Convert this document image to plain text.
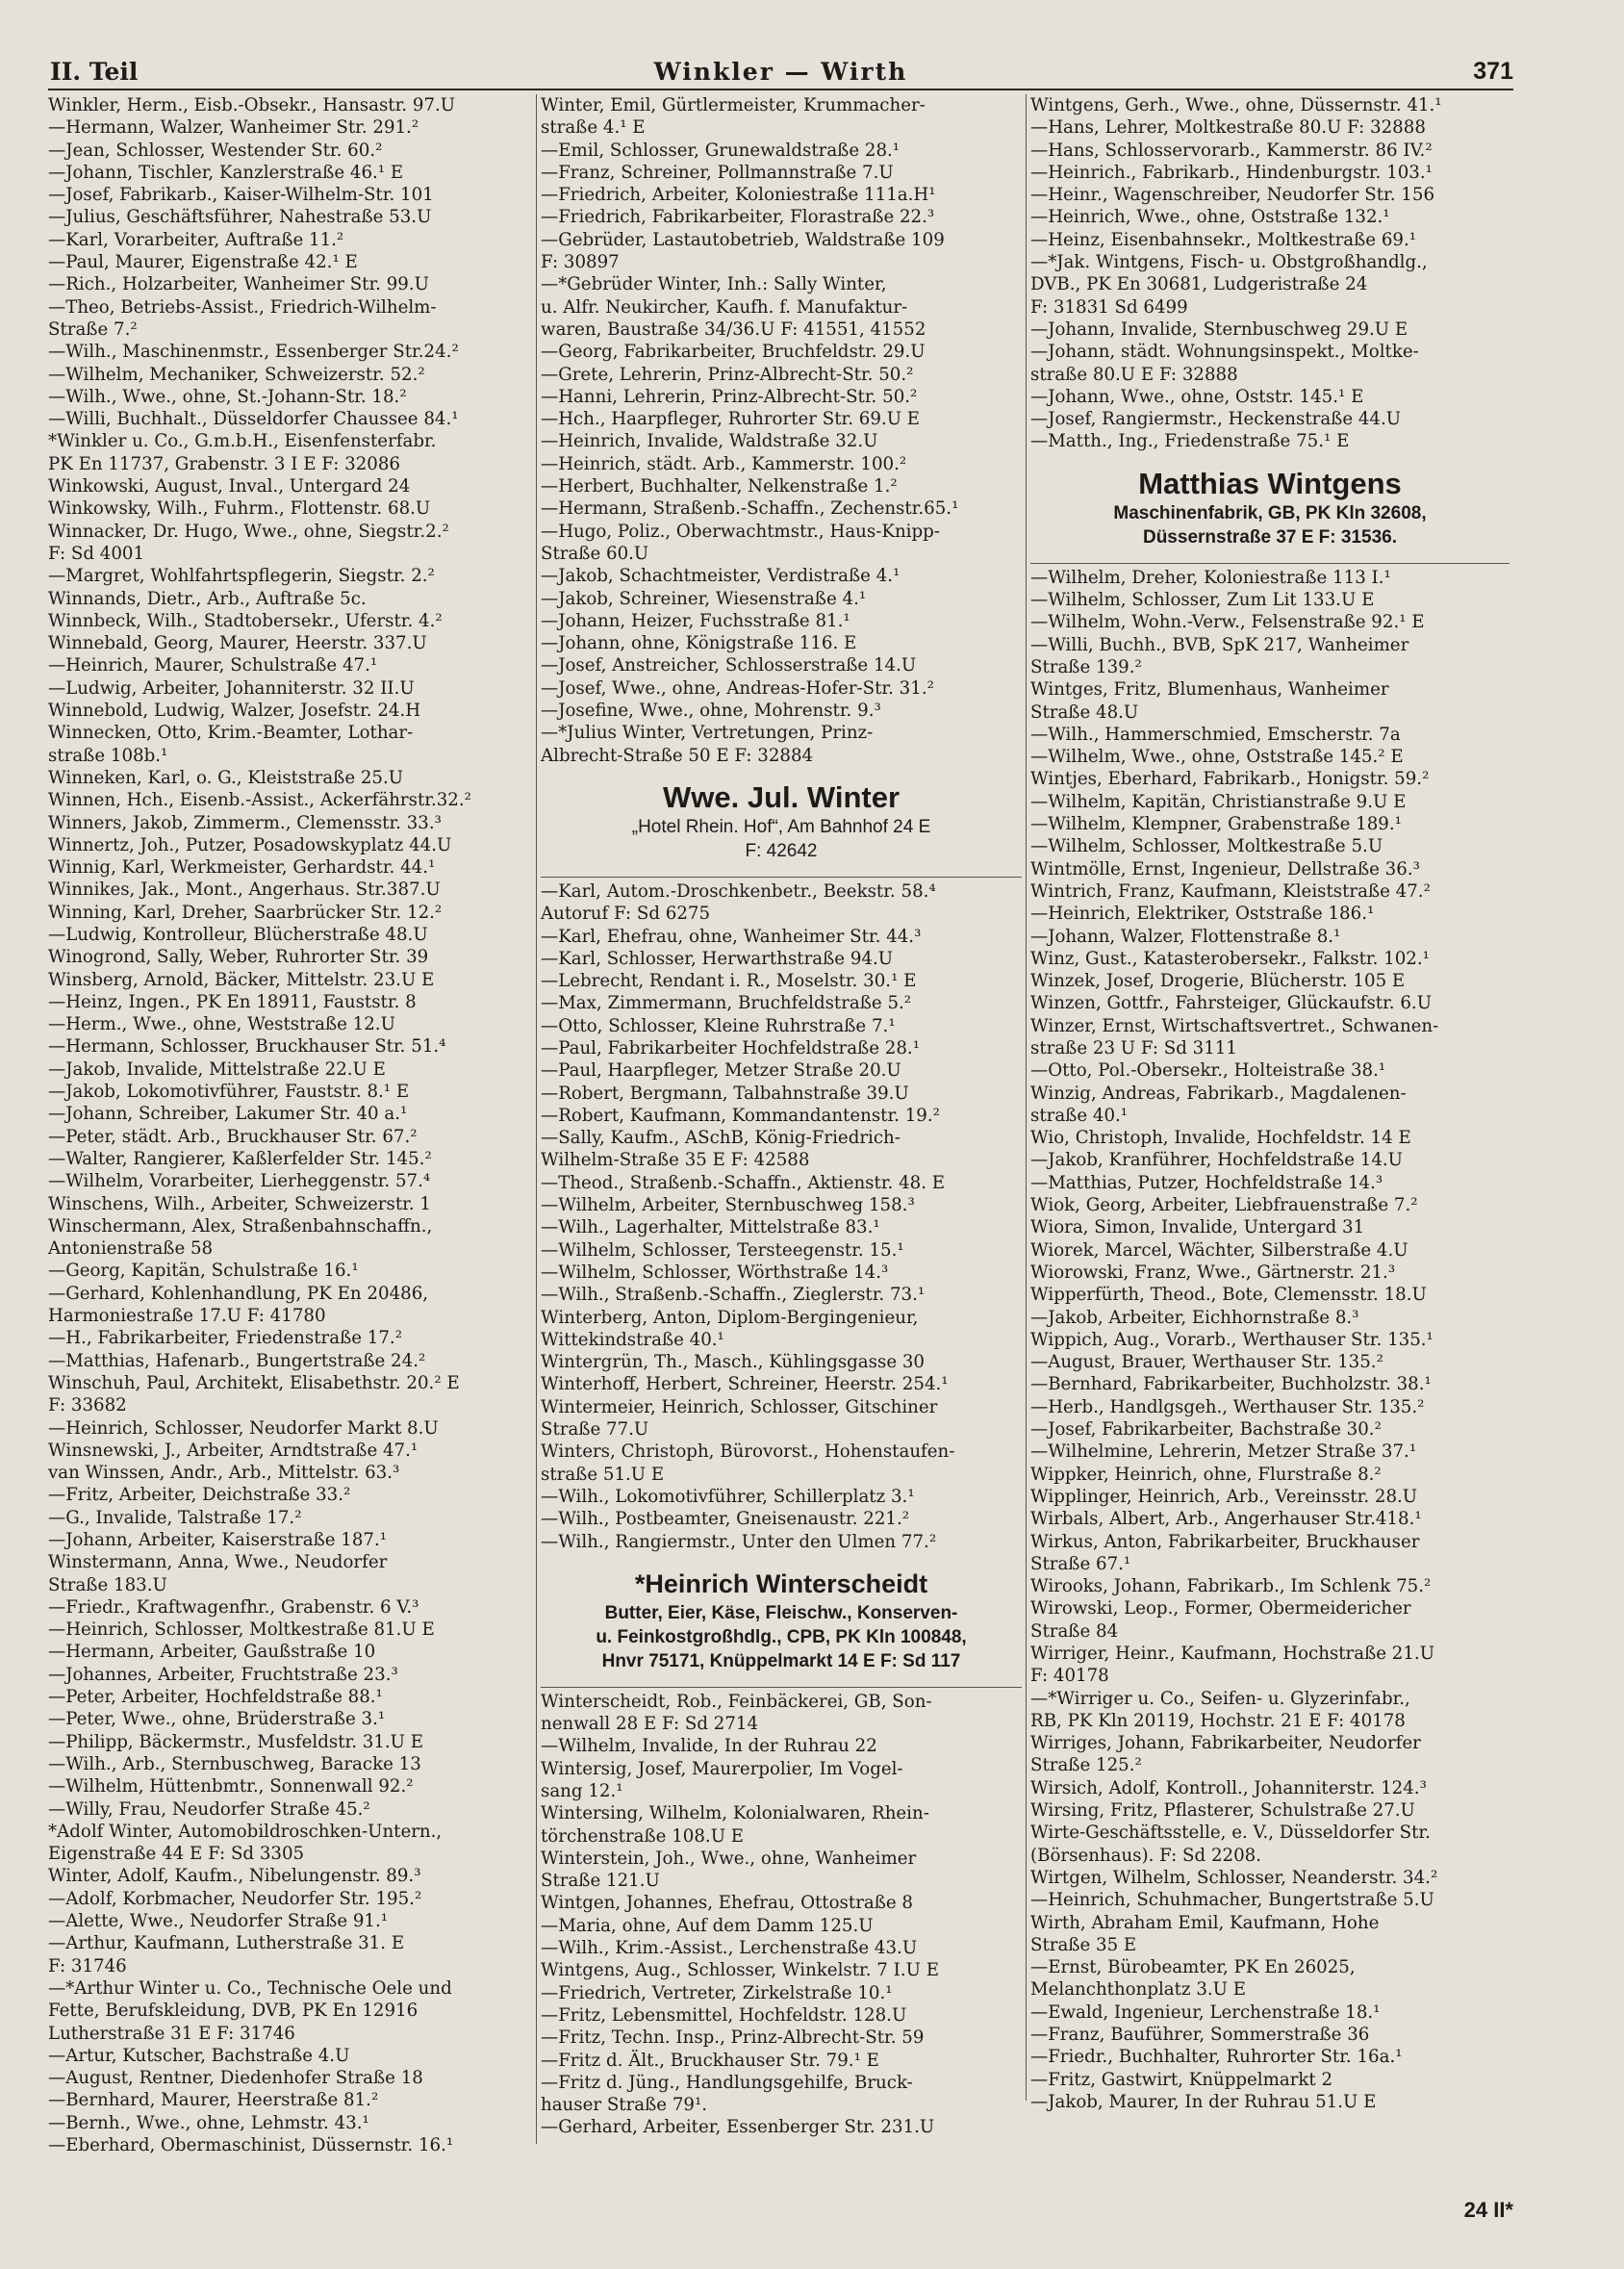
II. Teil	Winkler — Wirth	371
Winkler, Herm., Eisb.-Obsekr., Hansastr. 97.U
—Hermann, Walzer, Wanheimer Str. 291.²
—Jean, Schlosser, Westender Str. 60.²
—Johann, Tischler, Kanzlerstraße 46.¹ E
—Josef, Fabrikarb., Kaiser-Wilhelm-Str. 101
—Julius, Geschäftsführer, Nahestraße 53.U
—Karl, Vorarbeiter, Auftraße 11.²
—Paul, Maurer, Eigenstraße 42.¹ E
—Rich., Holzarbeiter, Wanheimer Str. 99.U
—Theo, Betriebs-Assist., Friedrich-Wilhelm-
Straße 7.²
—Wilh., Maschinenmstr., Essenberger Str.24.²
—Wilhelm, Mechaniker, Schweizerstr. 52.²
—Wilh., Wwe., ohne, St.-Johann-Str. 18.²
—Willi, Buchhalt., Düsseldorfer Chaussee 84.¹
*Winkler u. Co., G.m.b.H., Eisenfensterfabr.
PK En 11737, Grabenstr. 3 I E F: 32086
Winkowski, August, Inval., Untergard 24
Winkowsky, Wilh., Fuhrm., Flottenstr. 68.U
Winnacker, Dr. Hugo, Wwe., ohne, Siegstr.2.²
F: Sd 4001
—Margret, Wohlfahrtspflegerin, Siegstr. 2.²
Winnands, Dietr., Arb., Auftraße 5c.
Winnbeck, Wilh., Stadtobersekr., Uferstr. 4.²
Winnebald, Georg, Maurer, Heerstr. 337.U
—Heinrich, Maurer, Schulstraße 47.¹
—Ludwig, Arbeiter, Johanniterstr. 32 II.U
Winnebold, Ludwig, Walzer, Josefstr. 24.H
Winnecken, Otto, Krim.-Beamter, Lothar-
straße 108b.¹
Winneken, Karl, o. G., Kleiststraße 25.U
Winnen, Hch., Eisenb.-Assist., Ackerfährstr.32.²
Winners, Jakob, Zimmerm., Clemensstr. 33.³
Winnertz, Joh., Putzer, Posadowskyplatz 44.U
Winnig, Karl, Werkmeister, Gerhardstr. 44.¹
Winnikes, Jak., Mont., Angerhaus. Str.387.U
Winning, Karl, Dreher, Saarbrücker Str. 12.²
—Ludwig, Kontrolleur, Blücherstraße 48.U
Winogrond, Sally, Weber, Ruhrorter Str. 39
Winsberg, Arnold, Bäcker, Mittelstr. 23.U E
—Heinz, Ingen., PK En 18911, Fauststr. 8
—Herm., Wwe., ohne, Weststraße 12.U
—Hermann, Schlosser, Bruckhauser Str. 51.⁴
—Jakob, Invalide, Mittelstraße 22.U E
—Jakob, Lokomotivführer, Fauststr. 8.¹ E
—Johann, Schreiber, Lakumer Str. 40 a.¹
—Peter, städt. Arb., Bruckhauser Str. 67.²
—Walter, Rangierer, Kaßlerfelder Str. 145.²
—Wilhelm, Vorarbeiter, Lierheggenstr. 57.⁴
Winschens, Wilh., Arbeiter, Schweizerstr. 1
Winschermann, Alex, Straßenbahnschaffn.,
Antonienstraße 58
—Georg, Kapitän, Schulstraße 16.¹
—Gerhard, Kohlenhandlung, PK En 20486,
Harmoniestraße 17.U F: 41780
—H., Fabrikarbeiter, Friedenstraße 17.²
—Matthias, Hafenarb., Bungertstraße 24.²
Winschuh, Paul, Architekt, Elisabethstr. 20.² E
F: 33682
—Heinrich, Schlosser, Neudorfer Markt 8.U
Winsnewski, J., Arbeiter, Arndtstraße 47.¹
van Winssen, Andr., Arb., Mittelstr. 63.³
—Fritz, Arbeiter, Deichstraße 33.²
—G., Invalide, Talstraße 17.²
—Johann, Arbeiter, Kaiserstraße 187.¹
Winstermann, Anna, Wwe., Neudorfer
Straße 183.U
—Friedr., Kraftwagenfhr., Grabenstr. 6 V.³
—Heinrich, Schlosser, Moltkestraße 81.U E
—Hermann, Arbeiter, Gaußstraße 10
—Johannes, Arbeiter, Fruchtstraße 23.³
—Peter, Arbeiter, Hochfeldstraße 88.¹
—Peter, Wwe., ohne, Brüderstraße 3.¹
—Philipp, Bäckermstr., Musfeldstr. 31.U E
—Wilh., Arb., Sternbuschweg, Baracke 13
—Wilhelm, Hüttenbmtr., Sonnenwall 92.²
—Willy, Frau, Neudorfer Straße 45.²
*Adolf Winter, Automobildroschken-Untern.,
Eigenstraße 44 E F: Sd 3305
Winter, Adolf, Kaufm., Nibelungenstr. 89.³
—Adolf, Korbmacher, Neudorfer Str. 195.²
—Alette, Wwe., Neudorfer Straße 91.¹
—Arthur, Kaufmann, Lutherstraße 31. E
F: 31746
—*Arthur Winter u. Co., Technische Oele und
Fette, Berufskleidung, DVB, PK En 12916
Lutherstraße 31 E F: 31746
—Artur, Kutscher, Bachstraße 4.U
—August, Rentner, Diedenhofer Straße 18
—Bernhard, Maurer, Heerstraße 81.²
—Bernh., Wwe., ohne, Lehmstr. 43.¹
—Eberhard, Obermaschinist, Düssernstr. 16.¹
Winter, Emil, Gürtlermeister, Krummacher-
straße 4.¹ E
—Emil, Schlosser, Grunewaldstraße 28.¹
—Franz, Schreiner, Pollmannstraße 7.U
—Friedrich, Arbeiter, Koloniestraße 111a.H¹
—Friedrich, Fabrikarbeiter, Florastraße 22.³
—Gebrüder, Lastautobetrieb, Waldstraße 109
F: 30897
—*Gebrüder Winter, Inh.: Sally Winter,
u. Alfr. Neukircher, Kaufh. f. Manufaktur-
waren, Baustraße 34/36.U F: 41551, 41552
—Georg, Fabrikarbeiter, Bruchfeldstr. 29.U
—Grete, Lehrerin, Prinz-Albrecht-Str. 50.²
—Hanni, Lehrerin, Prinz-Albrecht-Str. 50.²
—Hch., Haarpfleger, Ruhrorter Str. 69.U E
—Heinrich, Invalide, Waldstraße 32.U
—Heinrich, städt. Arb., Kammerstr. 100.²
—Herbert, Buchhalter, Nelkenstraße 1.²
—Hermann, Straßenb.-Schaffn., Zechenstr.65.¹
—Hugo, Poliz., Oberwachtmstr., Haus-Knipp-
Straße 60.U
—Jakob, Schachtmeister, Verdistraße 4.¹
—Jakob, Schreiner, Wiesenstraße 4.¹
—Johann, Heizer, Fuchsstraße 81.¹
—Johann, ohne, Königstraße 116. E
—Josef, Anstreicher, Schlosserstraße 14.U
—Josef, Wwe., ohne, Andreas-Hofer-Str. 31.²
—Josefine, Wwe., ohne, Mohrenstr. 9.³
—*Julius Winter, Vertretungen, Prinz-
Albrecht-Straße 50 E F: 32884
Wwe. Jul. Winter
„Hotel Rhein. Hof“, Am Bahnhof 24 E
F: 42642
—Karl, Autom.-Droschkenbetr., Beekstr. 58.⁴
Autoruf F: Sd 6275
—Karl, Ehefrau, ohne, Wanheimer Str. 44.³
—Karl, Schlosser, Herwarthstraße 94.U
—Lebrecht, Rendant i. R., Moselstr. 30.¹ E
—Max, Zimmermann, Bruchfeldstraße 5.²
—Otto, Schlosser, Kleine Ruhrstraße 7.¹
—Paul, Fabrikarbeiter Hochfeldstraße 28.¹
—Paul, Haarpfleger, Metzer Straße 20.U
—Robert, Bergmann, Talbahnstraße 39.U
—Robert, Kaufmann, Kommandantenstr. 19.²
—Sally, Kaufm., ASchB, König-Friedrich-
Wilhelm-Straße 35 E F: 42588
—Theod., Straßenb.-Schaffn., Aktienstr. 48. E
—Wilhelm, Arbeiter, Sternbuschweg 158.³
—Wilh., Lagerhalter, Mittelstraße 83.¹
—Wilhelm, Schlosser, Tersteegenstr. 15.¹
—Wilhelm, Schlosser, Wörthstraße 14.³
—Wilh., Straßenb.-Schaffn., Zieglerstr. 73.¹
Winterberg, Anton, Diplom-Bergingenieur,
Wittekindstraße 40.¹
Wintergrün, Th., Masch., Kühlingsgasse 30
Winterhoff, Herbert, Schreiner, Heerstr. 254.¹
Wintermeier, Heinrich, Schlosser, Gitschiner
Straße 77.U
Winters, Christoph, Bürovorst., Hohenstaufen-
straße 51.U E
—Wilh., Lokomotivführer, Schillerplatz 3.¹
—Wilh., Postbeamter, Gneisenaustr. 221.²
—Wilh., Rangiermstr., Unter den Ulmen 77.²
*Heinrich Winterscheidt
Butter, Eier, Käse, Fleischw., Konserven-
u. Feinkostgroßhdlg., CPB, PK Kln 100848,
Hnvr 75171, Knüppelmarkt 14 E F: Sd 117
Winterscheidt, Rob., Feinbäckerei, GB, Son-
nenwall 28 E F: Sd 2714
—Wilhelm, Invalide, In der Ruhrau 22
Wintersig, Josef, Maurerpolier, Im Vogel-
sang 12.¹
Wintersing, Wilhelm, Kolonialwaren, Rhein-
törchenstraße 108.U E
Winterstein, Joh., Wwe., ohne, Wanheimer
Straße 121.U
Wintgen, Johannes, Ehefrau, Ottostraße 8
—Maria, ohne, Auf dem Damm 125.U
—Wilh., Krim.-Assist., Lerchenstraße 43.U
Wintgens, Aug., Schlosser, Winkelstr. 7 I.U E
—Friedrich, Vertreter, Zirkelstraße 10.¹
—Fritz, Lebensmittel, Hochfeldstr. 128.U
—Fritz, Techn. Insp., Prinz-Albrecht-Str. 59
—Fritz d. Ält., Bruckhauser Str. 79.¹ E
—Fritz d. Jüng., Handlungsgehilfe, Bruck-
hauser Straße 79¹.
—Gerhard, Arbeiter, Essenberger Str. 231.U
Wintgens, Gerh., Wwe., ohne, Düssernstr. 41.¹
—Hans, Lehrer, Moltkestraße 80.U F: 32888
—Hans, Schlosservorarb., Kammerstr. 86 IV.²
—Heinrich., Fabrikarb., Hindenburgstr. 103.¹
—Heinr., Wagenschreiber, Neudorfer Str. 156
—Heinrich, Wwe., ohne, Oststraße 132.¹
—Heinz, Eisenbahnsekr., Moltkestraße 69.¹
—*Jak. Wintgens, Fisch- u. Obstgroßhandlg.,
DVB., PK En 30681, Ludgeristraße 24
F: 31831 Sd 6499
—Johann, Invalide, Sternbuschweg 29.U E
—Johann, städt. Wohnungsinspekt., Moltke-
straße 80.U E F: 32888
—Johann, Wwe., ohne, Oststr. 145.¹ E
—Josef, Rangiermstr., Heckenstraße 44.U
—Matth., Ing., Friedenstraße 75.¹ E
Matthias Wintgens
Maschinenfabrik, GB, PK Kln 32608,
Düssernstraße 37 E F: 31536.
—Wilhelm, Dreher, Koloniestraße 113 I.¹
—Wilhelm, Schlosser, Zum Lit 133.U E
—Wilhelm, Wohn.-Verw., Felsenstraße 92.¹ E
—Willi, Buchh., BVB, SpK 217, Wanheimer
Straße 139.²
Wintges, Fritz, Blumenhaus, Wanheimer
Straße 48.U
—Wilh., Hammerschmied, Emscherstr. 7a
—Wilhelm, Wwe., ohne, Oststraße 145.² E
Wintjes, Eberhard, Fabrikarb., Honigstr. 59.²
—Wilhelm, Kapitän, Christianstraße 9.U E
—Wilhelm, Klempner, Grabenstraße 189.¹
—Wilhelm, Schlosser, Moltkestraße 5.U
Wintmölle, Ernst, Ingenieur, Dellstraße 36.³
Wintrich, Franz, Kaufmann, Kleiststraße 47.²
—Heinrich, Elektriker, Oststraße 186.¹
—Johann, Walzer, Flottenstraße 8.¹
Winz, Gust., Katasterobersekr., Falkstr. 102.¹
Winzek, Josef, Drogerie, Blücherstr. 105 E
Winzen, Gottfr., Fahrsteiger, Glückaufstr. 6.U
Winzer, Ernst, Wirtschaftsvertret., Schwanen-
straße 23 U F: Sd 3111
—Otto, Pol.-Obersekr., Holteistraße 38.¹
Winzig, Andreas, Fabrikarb., Magdalenen-
straße 40.¹
Wio, Christoph, Invalide, Hochfeldstr. 14 E
—Jakob, Kranführer, Hochfeldstraße 14.U
—Matthias, Putzer, Hochfeldstraße 14.³
Wiok, Georg, Arbeiter, Liebfrauenstraße 7.²
Wiora, Simon, Invalide, Untergard 31
Wiorek, Marcel, Wächter, Silberstraße 4.U
Wiorowski, Franz, Wwe., Gärtnerstr. 21.³
Wipperfürth, Theod., Bote, Clemensstr. 18.U
—Jakob, Arbeiter, Eichhornstraße 8.³
Wippich, Aug., Vorarb., Werthauser Str. 135.¹
—August, Brauer, Werthauser Str. 135.²
—Bernhard, Fabrikarbeiter, Buchholzstr. 38.¹
—Herb., Handlgsgeh., Werthauser Str. 135.²
—Josef, Fabrikarbeiter, Bachstraße 30.²
—Wilhelmine, Lehrerin, Metzer Straße 37.¹
Wippker, Heinrich, ohne, Flurstraße 8.²
Wipplinger, Heinrich, Arb., Vereinsstr. 28.U
Wirbals, Albert, Arb., Angerhauser Str.418.¹
Wirkus, Anton, Fabrikarbeiter, Bruckhauser
Straße 67.¹
Wirooks, Johann, Fabrikarb., Im Schlenk 75.²
Wirowski, Leop., Former, Obermeidericher
Straße 84
Wirriger, Heinr., Kaufmann, Hochstraße 21.U
F: 40178
—*Wirriger u. Co., Seifen- u. Glyzerinfabr.,
RB, PK Kln 20119, Hochstr. 21 E F: 40178
Wirriges, Johann, Fabrikarbeiter, Neudorfer
Straße 125.²
Wirsich, Adolf, Kontroll., Johanniterstr. 124.³
Wirsing, Fritz, Pflasterer, Schulstraße 27.U
Wirte-Geschäftsstelle, e. V., Düsseldorfer Str.
(Börsenhaus). F: Sd 2208.
Wirtgen, Wilhelm, Schlosser, Neanderstr. 34.²
—Heinrich, Schuhmacher, Bungertstraße 5.U
Wirth, Abraham Emil, Kaufmann, Hohe
Straße 35 E
—Ernst, Bürobeamter, PK En 26025,
Melanchthonplatz 3.U E
—Ewald, Ingenieur, Lerchenstraße 18.¹
—Franz, Bauführer, Sommerstraße 36
—Friedr., Buchhalter, Ruhrorter Str. 16a.¹
—Fritz, Gastwirt, Knüppelmarkt 2
—Jakob, Maurer, In der Ruhrau 51.U E
24 II*
